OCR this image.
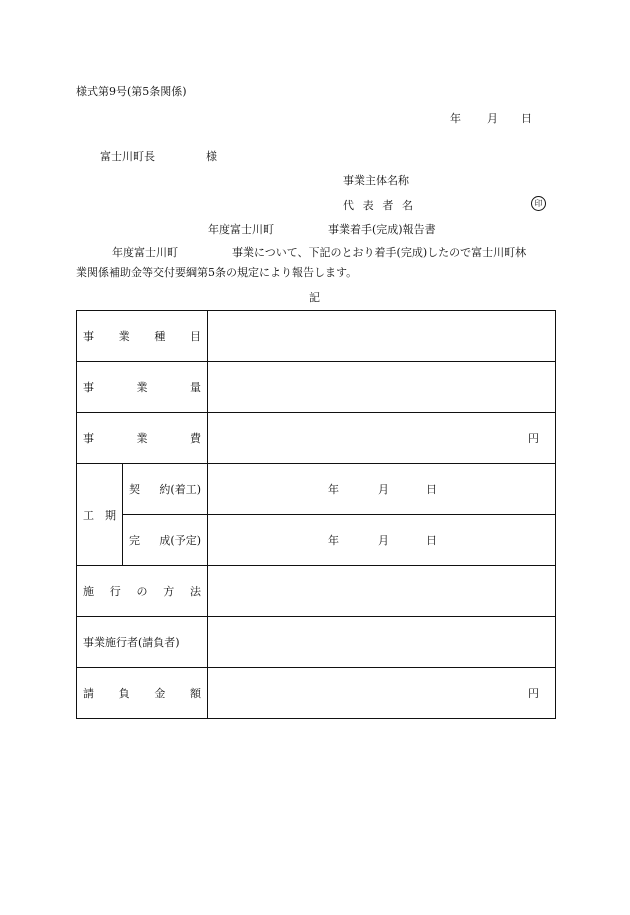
様式第9号(第5条関係)
年 月 日
富士川町長	様
事業主体名称
代 表 者 名	印
年度富士川町	事業着手(完成)報告書
年度富士川町	事業について、下記のとおり着手(完成)したので富士川町林
業関係補助金等交付要綱第5条の規定により報告します。
記
事 業 種 目		

事 業 量		

事 業 費		円

工 期	契 約(着工)	年 月 日

	完 成(予定)	年 月 日

施 行 の 方 法		

事業施行者(請負者)		

請 負 金 額		円
